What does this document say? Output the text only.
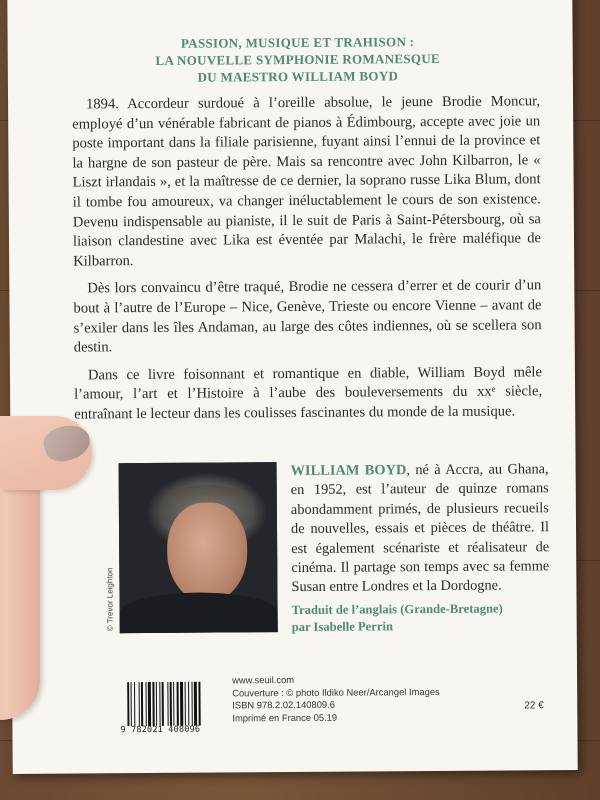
PASSION, MUSIQUE ET TRAHISON :
LA NOUVELLE SYMPHONIE ROMANESQUE
DU MAESTRO WILLIAM BOYD

1894. Accordeur surdoué à l’oreille absolue, le jeune Brodie Moncur, employé d’un vénérable fabricant de pianos à Édimbourg, accepte avec joie un poste important dans la filiale parisienne, fuyant ainsi l’ennui de la province et la hargne de son pasteur de père. Mais sa rencontre avec John Kilbarron, le « Liszt irlandais », et la maîtresse de ce dernier, la soprano russe Lika Blum, dont il tombe fou amoureux, va changer inéluctablement le cours de son existence. Devenu indispensable au pianiste, il le suit de Paris à Saint-Pétersbourg, où sa liaison clandestine avec Lika est éventée par Malachi, le frère maléfique de Kilbarron.

Dès lors convaincu d’être traqué, Brodie ne cessera d’errer et de courir d’un bout à l’autre de l’Europe – Nice, Genève, Trieste ou encore Vienne – avant de s’exiler dans les îles Andaman, au large des côtes indiennes, où se scellera son destin.

Dans ce livre foisonnant et romantique en diable, William Boyd mêle l’amour, l’art et l’Histoire à l’aube des bouleversements du xxᵉ siècle, entraînant le lecteur dans les coulisses fascinantes du monde de la musique.

© Trevor Leighton
WILLIAM BOYD, né à Accra, au Ghana, en 1952, est l’auteur de quinze romans abondamment primés, de plusieurs recueils de nouvelles, essais et pièces de théâtre. Il est également scénariste et réalisateur de cinéma. Il partage son temps avec sa femme Susan entre Londres et la Dordogne.
Traduit de l’anglais (Grande-Bretagne)
par Isabelle Perrin
9 782021 408096
www.seuil.com
Couverture : © photo Ildiko Neer/Arcangel Images
ISBN 978.2.02.140809.6
Imprimé en France 05.19
22 €
